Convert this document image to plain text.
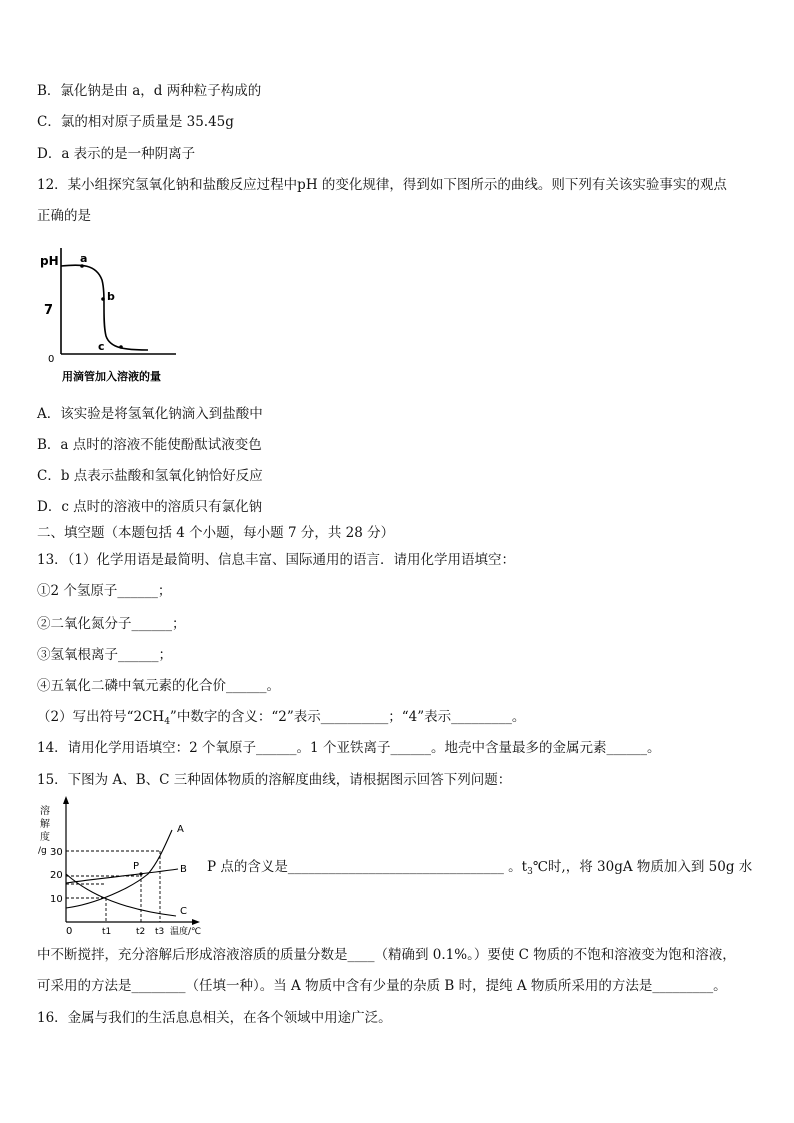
B．氯化钠是由 a，d 两种粒子构成的
C．氯的相对原子质量是 35.45g
D．a 表示的是一种阴离子
12．某小组探究氢氧化钠和盐酸反应过程中pH 的变化规律，得到如下图所示的曲线。则下列有关该实验事实的观点
正确的是
pH
7
0
a
b
c
用滴管加入溶液的量
A．该实验是将氢氧化钠滴入到盐酸中
B．a 点时的溶液不能使酚酞试液变色
C．b 点表示盐酸和氢氧化钠恰好反应
D．c 点时的溶液中的溶质只有氯化钠
二、填空题（本题包括 4 个小题，每小题 7 分，共 28 分）
13．（1）化学用语是最简明、信息丰富、国际通用的语言．请用化学用语填空：
①2 个氢原子______；
②二氧化氮分子______；
③氢氧根离子______；
④五氧化二磷中氧元素的化合价______。
（2）写出符号“$2CH_4$”中数字的含义：“2”表示__________；“4”表示_________。
14．请用化学用语填空：2 个氧原子______。1 个亚铁离子______。地壳中含量最多的金属元素______。
15．下图为 A、B、C 三种固体物质的溶解度曲线，请根据图示回答下列问题：
溶
解
度
/g 30
20
10
0
A
B
C
P
t1	t2 t3 温度/℃
P 点的含义是________________________________ 。$t_3℃$时,，将 30gA 物质加入到 50g 水
中不断搅拌，充分溶解后形成溶液溶质的质量分数是____（精确到 0.1%。）要使 C 物质的不饱和溶液变为饱和溶液，
可采用的方法是________（任填一种）。当 A 物质中含有少量的杂质 B 时，提纯 A 物质所采用的方法是_________。
16．金属与我们的生活息息相关，在各个领域中用途广泛。
